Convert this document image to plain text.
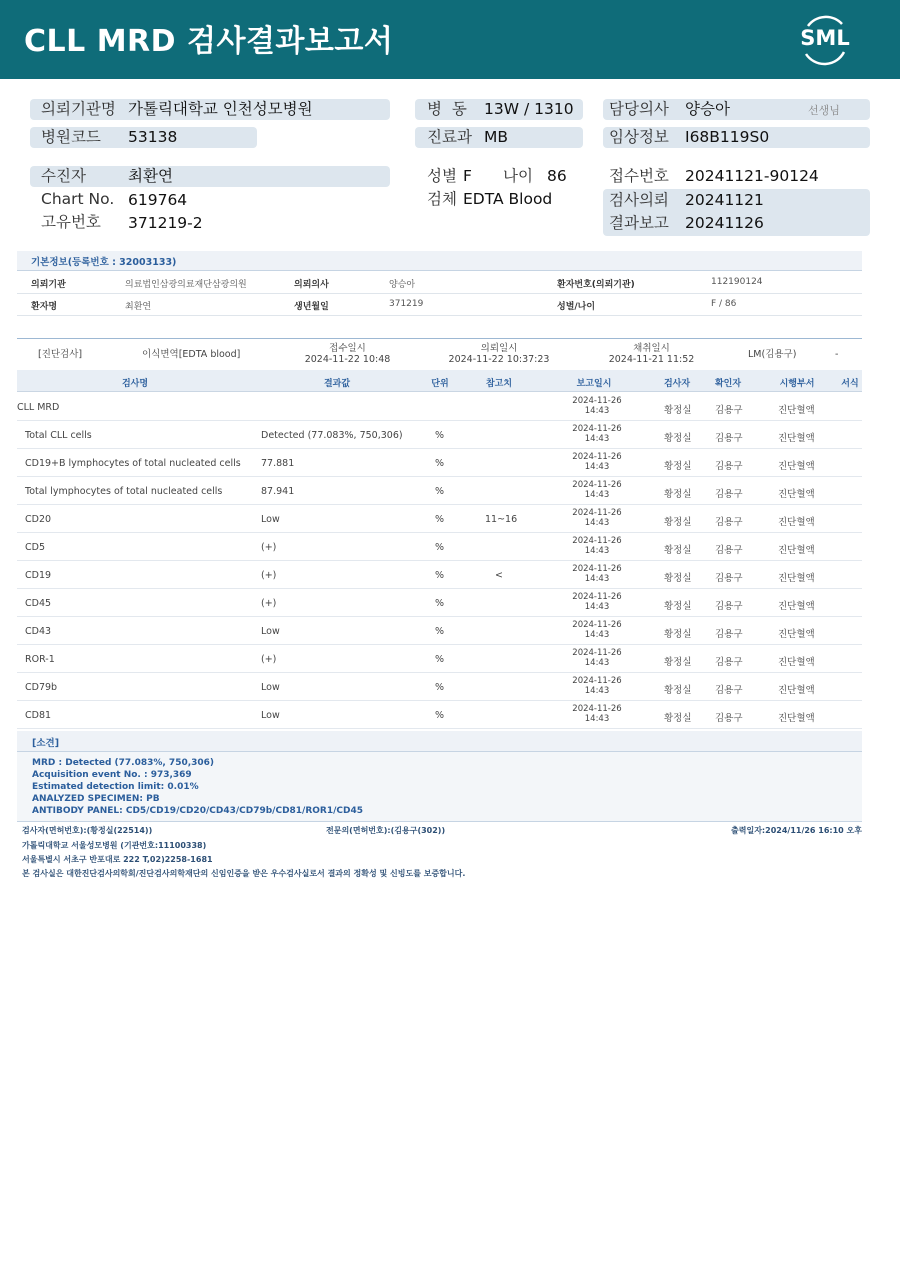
CLL MRD 검사결과보고서	SML
의뢰기관명 가톨릭대학교 인천성모병원
병원코드 53138
병  동 13W / 1310
진료과 MB
담당의사 양승아	선생님
임상정보 I68B119S0
수진자	최환연
Chart No. 619764
고유번호 371219-2
성별 F 나이 86
검체 EDTA Blood
접수번호 20241121-90124
검사의뢰 20241121
결과보고 20241126
기본정보(등록번호 : 32003133)
의뢰기관	의료법인삼광의료재단삼광의원	의뢰의사	양승아	환자번호(의뢰기관)	112190124
환자명	최환연	생년월일	371219	성별/나이	F / 86
[진단검사]	이식면역[EDTA blood]
접수일시
2024-11-22 10:48
의뢰일시
2024-11-22 10:37:23
채취일시
2024-11-21 11:52	LM(김용구)	-
검사명	결과값	단위	참고치	보고일시	검사자	확인자	시행부서	서식
CLL MRD
2024-11-26
14:43	황정실 김용구	진단혈액
Total CLL cells	Detected (77.083%, 750,306)	%
2024-11-26
14:43	황정실 김용구	진단혈액
CD19+B lymphocytes of total nucleated cells 77.881	%
2024-11-26
14:43	황정실 김용구	진단혈액
Total lymphocytes of total nucleated cells	87.941	%
2024-11-26
14:43	황정실 김용구	진단혈액
CD20	Low	%	11~16
2024-11-26
14:43	황정실 김용구	진단혈액
CD5	(+)	%
2024-11-26
14:43	황정실 김용구	진단혈액
CD19	(+)	%	<
2024-11-26
14:43	황정실 김용구	진단혈액
CD45	(+)	%
2024-11-26
14:43	황정실 김용구	진단혈액
CD43	Low	%
2024-11-26
14:43	황정실 김용구	진단혈액
ROR-1	(+)	%
2024-11-26
14:43	황정실 김용구	진단혈액
CD79b	Low	%
2024-11-26
14:43	황정실 김용구	진단혈액
CD81	Low	%
2024-11-26
14:43	황정실 김용구	진단혈액
[소견]
MRD : Detected (77.083%, 750,306)
Acquisition event No. : 973,369
Estimated detection limit: 0.01%
ANALYZED SPECIMEN: PB
ANTIBODY PANEL: CD5/CD19/CD20/CD43/CD79b/CD81/ROR1/CD45
검사자(면허번호):(황정실(22514))	전문의(면허번호):(김용구(302))	출력일자:2024/11/26 16:10 오후
가톨릭대학교 서울성모병원 (기관번호:11100338)
서울특별시 서초구 반포대로 222 T,02)2258-1681
본 검사실은 대한진단검사의학회/진단검사의학재단의 신임인증을 받은 우수검사실로서 결과의 정확성 및 신빙도를 보증합니다.
